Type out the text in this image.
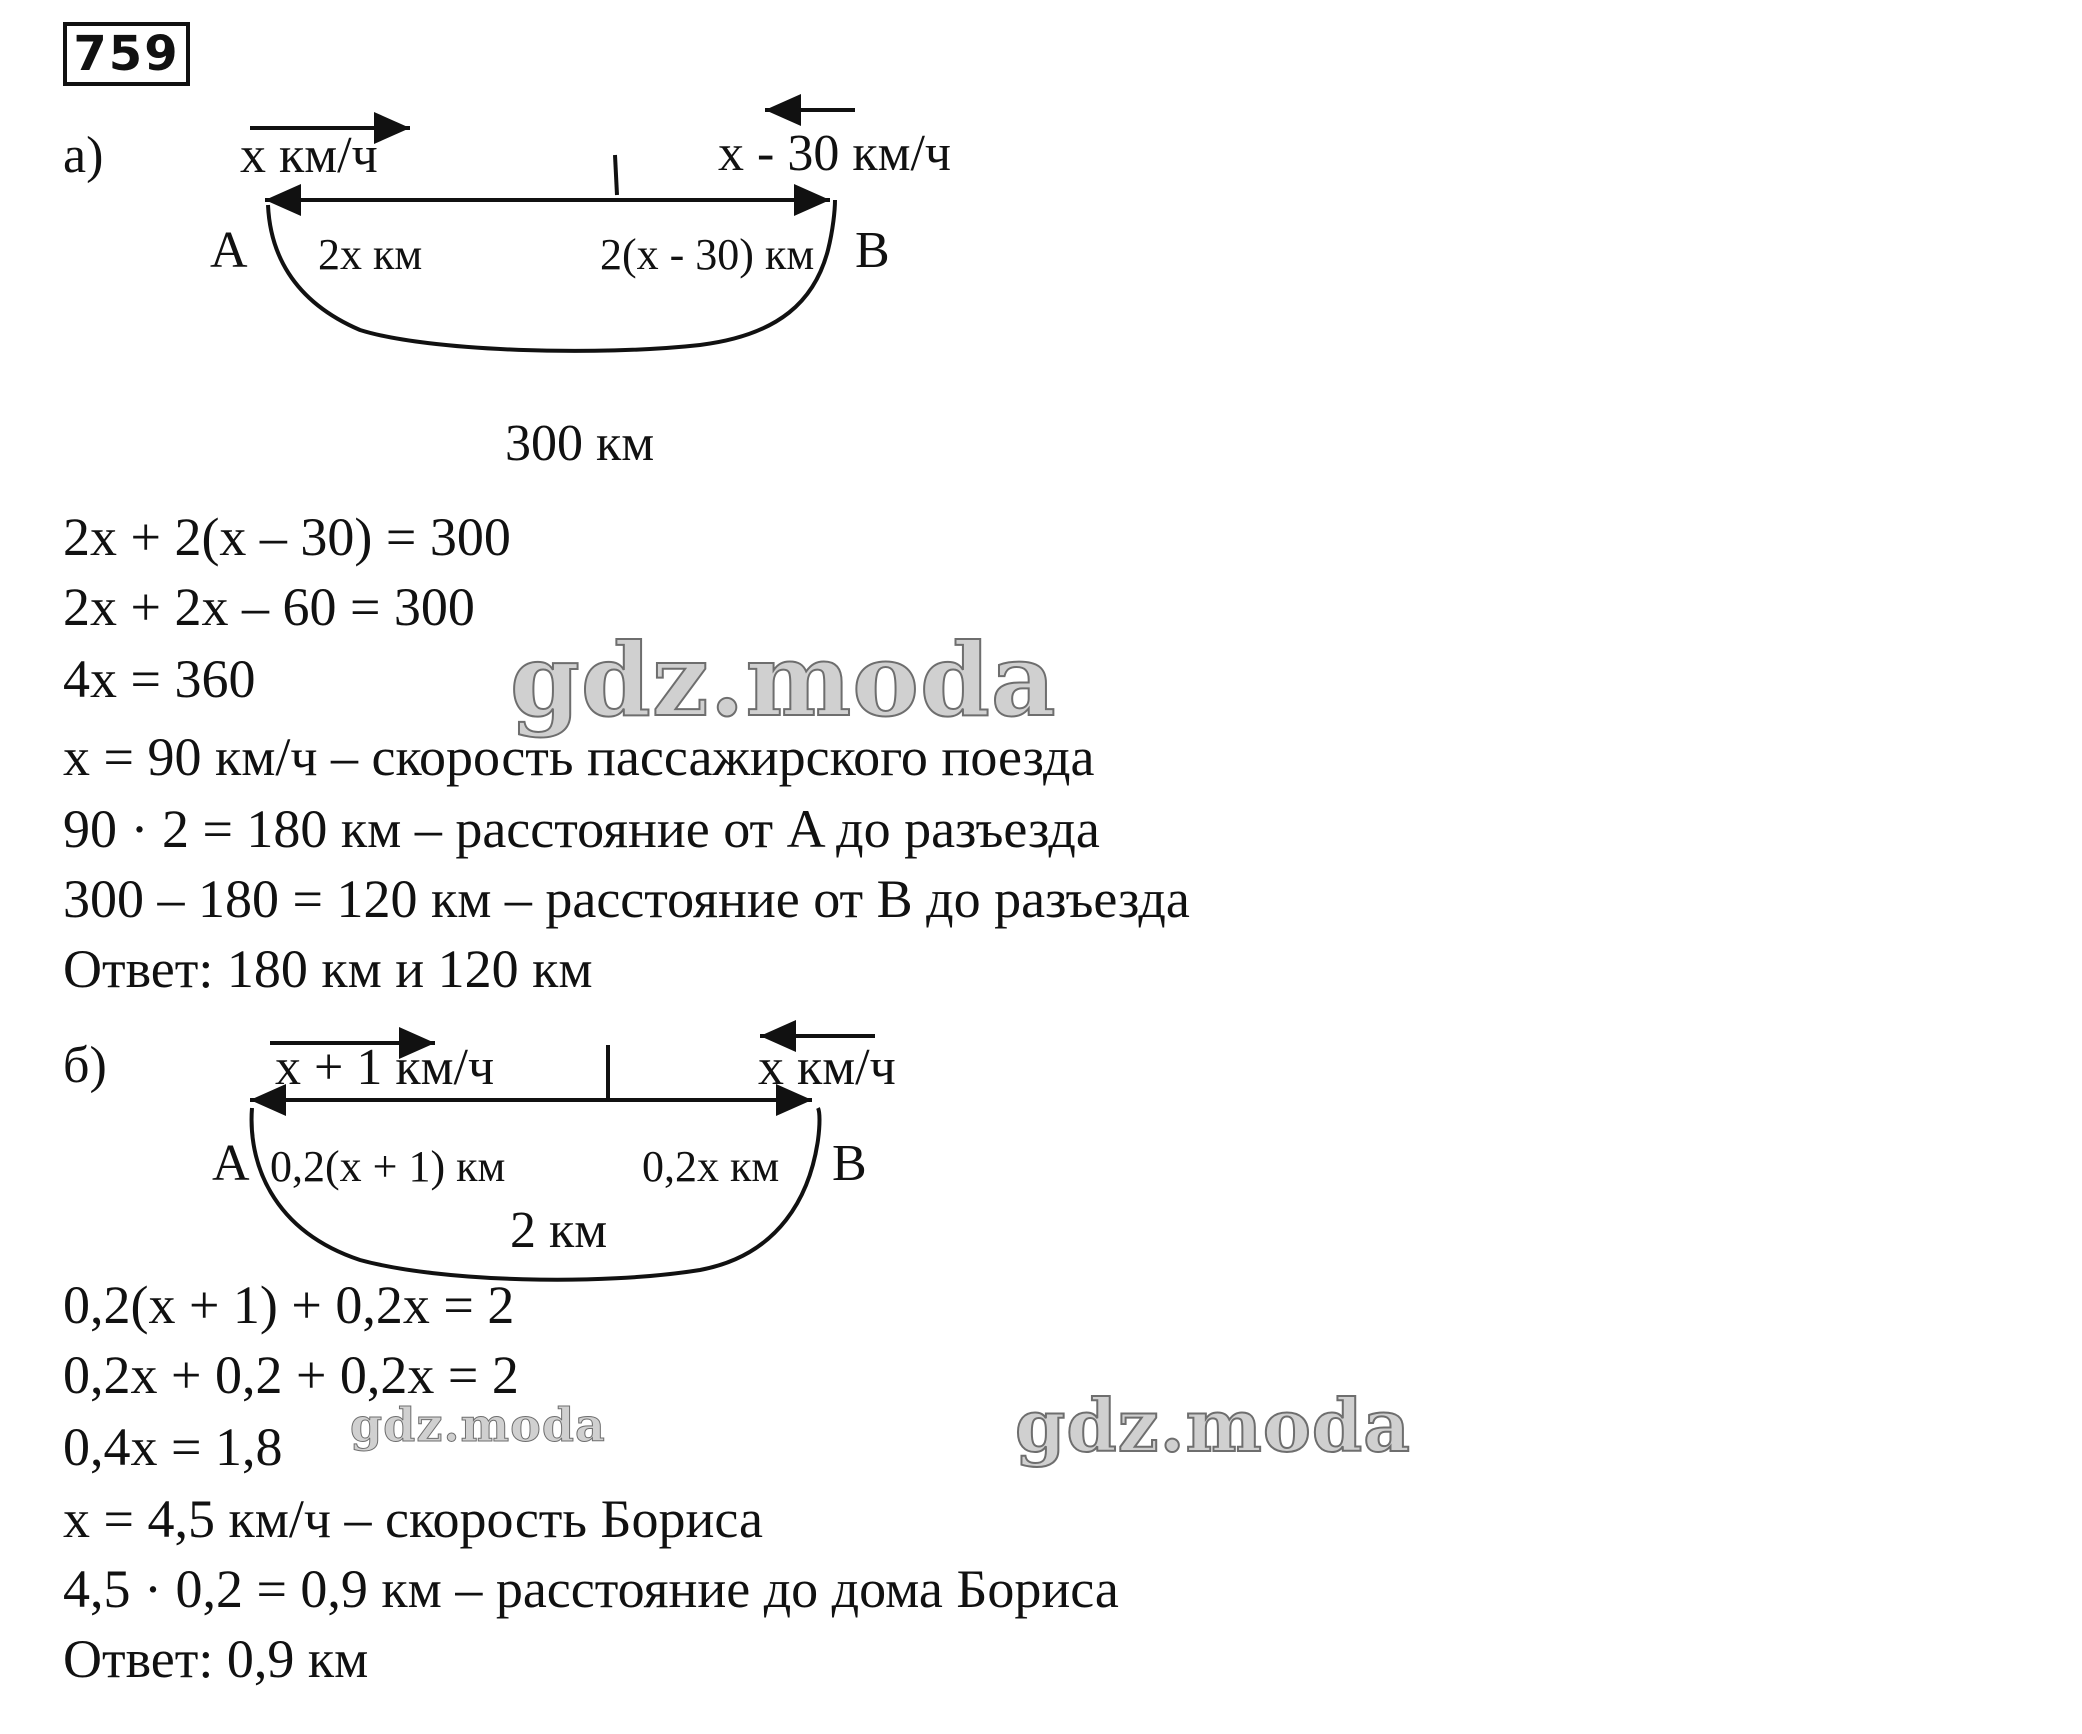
759
а)	x км/ч	x - 30 км/ч
A	B
2x км	2(x - 30) км
300 км
2x + 2(x – 30) = 300
2x + 2x – 60 = 300
4x = 360
x = 90 км/ч – скорость пассажирского поезда
90 · 2 = 180 км – расстояние от A до разъезда
300 – 180 = 120 км – расстояние от B до разъезда
Ответ: 180 км и 120 км
б)	x + 1 км/ч	x км/ч
A	B
0,2(x + 1) км	0,2x км
2 км
0,2(x + 1) + 0,2x = 2
0,2x + 0,2 + 0,2x = 2
0,4x = 1,8
x = 4,5 км/ч – скорость Бориса
4,5 · 0,2 = 0,9 км – расстояние до дома Бориса
Ответ: 0,9 км
gdz.moda
gdz.moda	gdz.moda
